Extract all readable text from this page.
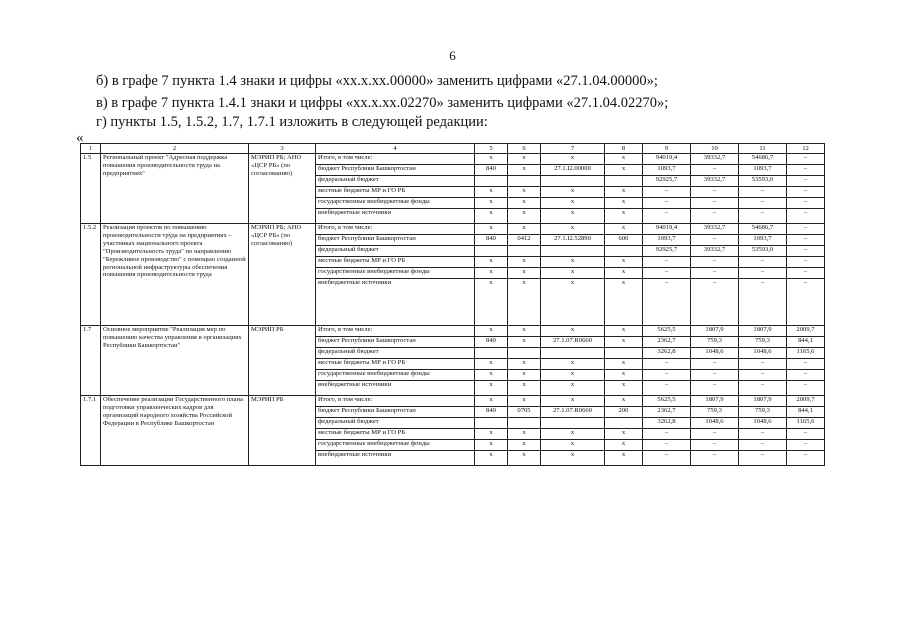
6
б) в графе 7 пункта 1.4 знаки и цифры «xx.x.xx.00000» заменить цифрами «27.1.04.00000»;
в) в графе 7 пункта 1.4.1 знаки и цифры «xx.x.xx.02270» заменить цифрами «27.1.04.02270»;
г) пункты 1.5, 1.5.2, 1.7, 1.7.1 изложить в следующей редакции:
«
1	2	3	4	5	6	7	8	9	10	11	12
1.5	Региональный проект "Адресная поддержка повышения производительности труда на предприятиях"	МЭРИП РБ; АНО «ЦСР РБ» (по согласованию)	Итого, в том числе:	x	x	x	x	94019,4	39332,7	54686,7	–
			бюджет Республики Башкортостан	840	x	27.1.I2.00000	x	1093,7	–	1093,7	–
			федеральный бюджет					92925,7	39332,7	53593,0	–
			местные бюджеты МР и ГО РБ	x	x	x	x	–	–	–	–
			государственные внебюджетные фонды	x	x	x	x	–	–	–	–
			внебюджетные источники	x	x	x	x	–	–	–	–
1.5.2	Реализация проектов по повышению производительности труда на предприятиях – участниках национального проекта "Производительность труда" по направлению "Бережливое производство" с помощью созданной региональной инфраструктуры обеспечения повышения производительности труда	МЭРИП РБ; АНО «ЦСР РБ» (по согласованию)	Итого, в том числе:	x	x	x	x	94019,4	39332,7	54686,7	–
			бюджет Республики Башкортостан	840	0412	27.1.I2.52890	600	1093,7	–	1093,7	–
			федеральный бюджет					92925,7	39332,7	53593,0	–
			местные бюджеты МР и ГО РБ	x	x	x	x	–	–	–	–
			государственные внебюджетные фонды	x	x	x	x	–	–	–	–
			внебюджетные источники	x	x	x	x	–	–	–	–
1.7	Основное мероприятие "Реализация мер по повышению качества управления в организациях Республики Башкортостан"	МЭРИП РБ	Итого, в том числе:	x	x	x	x	5625,5	1807,9	1807,9	2009,7
			бюджет Республики Башкортостан	840	x	27.1.07.R0660	x	2362,7	759,3	759,3	844,1
			федеральный бюджет					3262,8	1048,6	1048,6	1165,6
			местные бюджеты МР и ГО РБ	x	x	x	x	–	–	–	–
			государственные внебюджетные фонды	x	x	x	x	–	–	–	–
			внебюджетные источники	x	x	x	x	–	–	–	–
1.7.1	Обеспечение реализации Государственного плана подготовки управленческих кадров для организаций народного хозяйства Российской Федерации в Республике Башкортостан	МЭРИП РБ	Итого, в том числе:	x	x	x	x	5625,5	1807,9	1807,9	2009,7
			бюджет Республики Башкортостан	840	0705	27.1.07.R0660	200	2362,7	759,3	759,3	844,1
			федеральный бюджет					3262,8	1048,6	1048,6	1165,6
			местные бюджеты МР и ГО РБ	x	x	x	x	–	–	–	–
			государственные внебюджетные фонды	x	x	x	x	–	–	–	–
			внебюджетные источники	x	x	x	x	–	–	–	–
